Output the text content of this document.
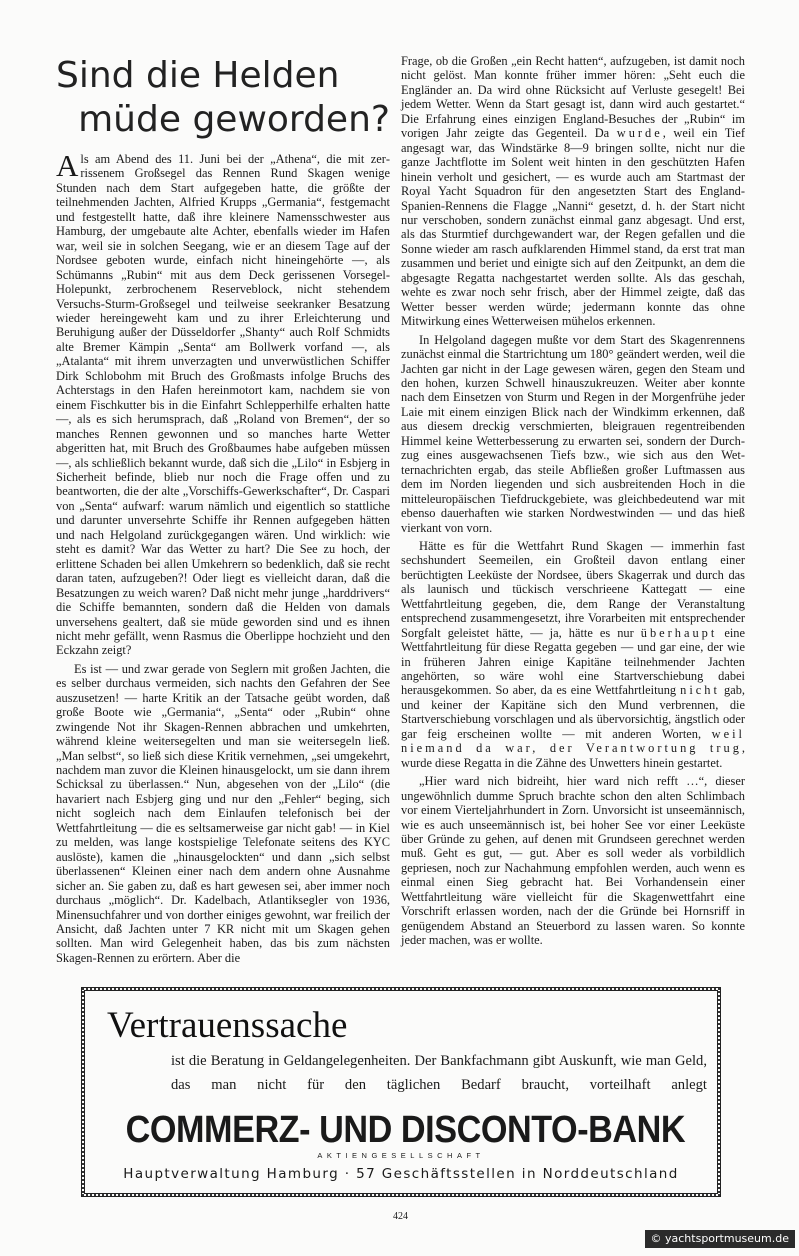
Sind die Helden
müde geworden?

Als am Abend des 11. Juni bei der „Athena“, die mit zerrissenem Großsegel das Rennen Rund Skagen wenige Stunden nach dem Start aufgegeben hatte, die größte der teilnehmenden Jachten, Alfried Krupps „Germania“, festgemacht und festgestellt hatte, daß ihre kleinere Namensschwester aus Hamburg, der umgebaute alte Achter, ebenfalls wieder im Hafen war, weil sie in solchen Seegang, wie er an diesem Tage auf der Nordsee geboten wurde, einfach nicht hineingehörte —, als Schümanns „Rubin“ mit aus dem Deck gerissenen Vorsegel-Holepunkt, zerbrochenem Reserveblock, nicht stehendem Versuchs-Sturm-Großsegel und teilweise seekranker Besatzung wieder hereingeweht kam und zu ihrer Erleichterung und Beruhigung außer der Düsseldorfer „Shanty“ auch Rolf Schmidts alte Bremer Kämpin „Senta“ am Bollwerk vorfand —, als „Atalanta“ mit ihrem unverzagten und unverwüstlichen Schiffer Dirk Schlobohm mit Bruch des Großmasts infolge Bruchs des Achterstags in den Hafen hereinmotort kam, nachdem sie von einem Fischkutter bis in die Einfahrt Schlepperhilfe erhalten hatte —, als es sich herumsprach, daß „Roland von Bremen“, der so manches Rennen gewonnen und so manches harte Wetter abgeritten hat, mit Bruch des Großbaumes habe aufgeben müssen —, als schließlich bekannt wurde, daß sich die „Lilo“ in Esbjerg in Sicherheit befinde, blieb nur noch die Frage offen und zu beantworten, die der alte „Vorschiffs-Gewerkschafter“, Dr. Caspari von „Senta“ aufwarf: warum nämlich und eigentlich so stattliche und darunter unversehrte Schiffe ihr Rennen aufgegeben hätten und nach Helgoland zurückgegangen wären. Und wirklich: wie steht es damit? War das Wetter zu hart? Die See zu hoch, der erlittene Schaden bei allen Umkehrern so bedenklich, daß sie recht daran taten, aufzugeben?! Oder liegt es vielleicht daran, daß die Besatzungen zu weich waren? Daß nicht mehr junge „harddrivers“ die Schiffe bemannten, sondern daß die Helden von damals unversehens gealtert, daß sie müde geworden sind und es ihnen nicht mehr gefällt, wenn Rasmus die Oberlippe hochzieht und den Eckzahn zeigt?

Es ist — und zwar gerade von Seglern mit großen Jachten, die es selber durchaus vermeiden, sich nachts den Gefahren der See auszusetzen! — harte Kritik an der Tatsache geübt worden, daß große Boote wie „Germania“, „Senta“ oder „Rubin“ ohne zwingende Not ihr Skagen-Rennen abbrachen und umkehrten, während kleine weitersegelten und man sie weitersegeln ließ. „Man selbst“, so ließ sich diese Kritik vernehmen, „sei umgekehrt, nachdem man zuvor die Kleinen hinausgelockt, um sie dann ihrem Schicksal zu überlassen.“ Nun, abgesehen von der „Lilo“ (die havariert nach Esbjerg ging und nur den „Fehler“ beging, sich nicht sogleich nach dem Einlaufen telefonisch bei der Wettfahrtleitung — die es seltsamerweise gar nicht gab! — in Kiel zu melden, was lange kostspielige Telefonate seitens des KYC auslöste), kamen die „hinausgelockten“ und dann „sich selbst überlassenen“ Kleinen einer nach dem andern ohne Ausnahme sicher an. Sie gaben zu, daß es hart gewesen sei, aber immer noch durchaus „möglich“. Dr. Kadelbach, Atlantiksegler von 1936, Minensuchfahrer und von dorther einiges gewohnt, war freilich der Ansicht, daß Jachten unter 7 KR nicht mit um Skagen gehen sollten. Man wird Gelegenheit haben, das bis zum nächsten Skagen-Rennen zu erörtern. Aber die

Frage, ob die Großen „ein Recht hatten“, aufzugeben, ist damit noch nicht gelöst. Man konnte früher immer hören: „Seht euch die Engländer an. Da wird ohne Rücksicht auf Verluste gesegelt! Bei jedem Wetter. Wenn da Start gesagt ist, dann wird auch gestartet.“ Die Erfahrung eines einzigen England-Besuches der „Rubin“ im vorigen Jahr zeigte das Gegenteil. Da wurde, weil ein Tief angesagt war, das Windstärke 8—9 bringen sollte, nicht nur die ganze Jachtflotte im Solent weit hinten in den geschützten Hafen hinein verholt und gesichert, — es wurde auch am Startmast der Royal Yacht Squadron für den angesetzten Start des England-Spanien-Rennens die Flagge „Nanni“ gesetzt, d. h. der Start nicht nur verschoben, sondern zunächst einmal ganz abgesagt. Und erst, als das Sturmtief durchgewandert war, der Regen gefallen und die Sonne wieder am rasch aufklarenden Himmel stand, da erst trat man zusammen und beriet und einigte sich auf den Zeitpunkt, an dem die abgesagte Regatta nachgestartet werden sollte. Als das geschah, wehte es zwar noch sehr frisch, aber der Himmel zeigte, daß das Wetter besser werden würde; jedermann konnte das ohne Mitwirkung eines Wetterweisen mühelos erkennen.

In Helgoland dagegen mußte vor dem Start des Skagenrennens zunächst einmal die Startrichtung um 180° geändert werden, weil die Jachten gar nicht in der Lage gewesen wären, gegen den Steam und den hohen, kurzen Schwell hinauszukreuzen. Weiter aber konnte nach dem Einsetzen von Sturm und Regen in der Morgenfrühe jeder Laie mit einem einzigen Blick nach der Windkimm erkennen, daß aus diesem dreckig verschmierten, bleigrauen regentreibenden Himmel keine Wetterbesserung zu erwarten sei, sondern der Durchzug eines ausgewachsenen Tiefs bzw., wie sich aus den Wetternachrichten ergab, das steile Abfließen großer Luftmassen aus dem im Norden liegenden und sich ausbreitenden Hoch in die mitteleuropäischen Tiefdruckgebiete, was gleichbedeutend war mit ebenso dauerhaften wie starken Nordwestwinden — und das hieß vierkant von vorn.

Hätte es für die Wettfahrt Rund Skagen — immerhin fast sechshundert Seemeilen, ein Großteil davon entlang einer berüchtigten Leeküste der Nordsee, übers Skagerrak und durch das als launisch und tückisch verschrieene Kattegatt — eine Wettfahrtleitung gegeben, die, dem Range der Veranstaltung entsprechend zusammengesetzt, ihre Vorarbeiten mit entsprechender Sorgfalt geleistet hätte, — ja, hätte es nur überhaupt eine Wettfahrtleitung für diese Regatta gegeben — und gar eine, der wie in früheren Jahren einige Kapitäne teilnehmender Jachten angehörten, so wäre wohl eine Startverschiebung dabei herausgekommen. So aber, da es eine Wettfahrtleitung nicht gab, und keiner der Kapitäne sich den Mund verbrennen, die Startverschiebung vorschlagen und als übervorsichtig, ängstlich oder gar feig erscheinen wollte — mit anderen Worten, weil niemand da war, der Verantwortung trug, wurde diese Regatta in die Zähne des Unwetters hinein gestartet.

„Hier ward nich bidreiht, hier ward nich refft …“, dieser ungewöhnlich dumme Spruch brachte schon den alten Schlimbach vor einem Vierteljahrhundert in Zorn. Unvorsicht ist unseemännisch, wie es auch unseemännisch ist, bei hoher See vor einer Leeküste über Gründe zu gehen, auf denen mit Grundseen gerechnet werden muß. Geht es gut, — gut. Aber es soll weder als vorbildlich gepriesen, noch zur Nachahmung empfohlen werden, auch wenn es einmal einen Sieg gebracht hat. Bei Vorhandensein einer Wettfahrtleitung wäre vielleicht für die Skagenwettfahrt eine Vorschrift erlassen worden, nach der die Gründe bei Hornsriff in genügendem Abstand an Steuerbord zu lassen waren. So konnte jeder machen, was er wollte.

Vertrauenssache
ist die Beratung in Geldangelegenheiten. Der Bankfachmann gibt Auskunft, wie man Geld, das man nicht für den täglichen Bedarf braucht, vorteilhaft anlegt
COMMERZ- UND DISCONTO-BANK
AKTIENGESELLSCHAFT
Hauptverwaltung Hamburg · 57 Geschäftsstellen in Norddeutschland
424
© yachtsportmuseum.de
